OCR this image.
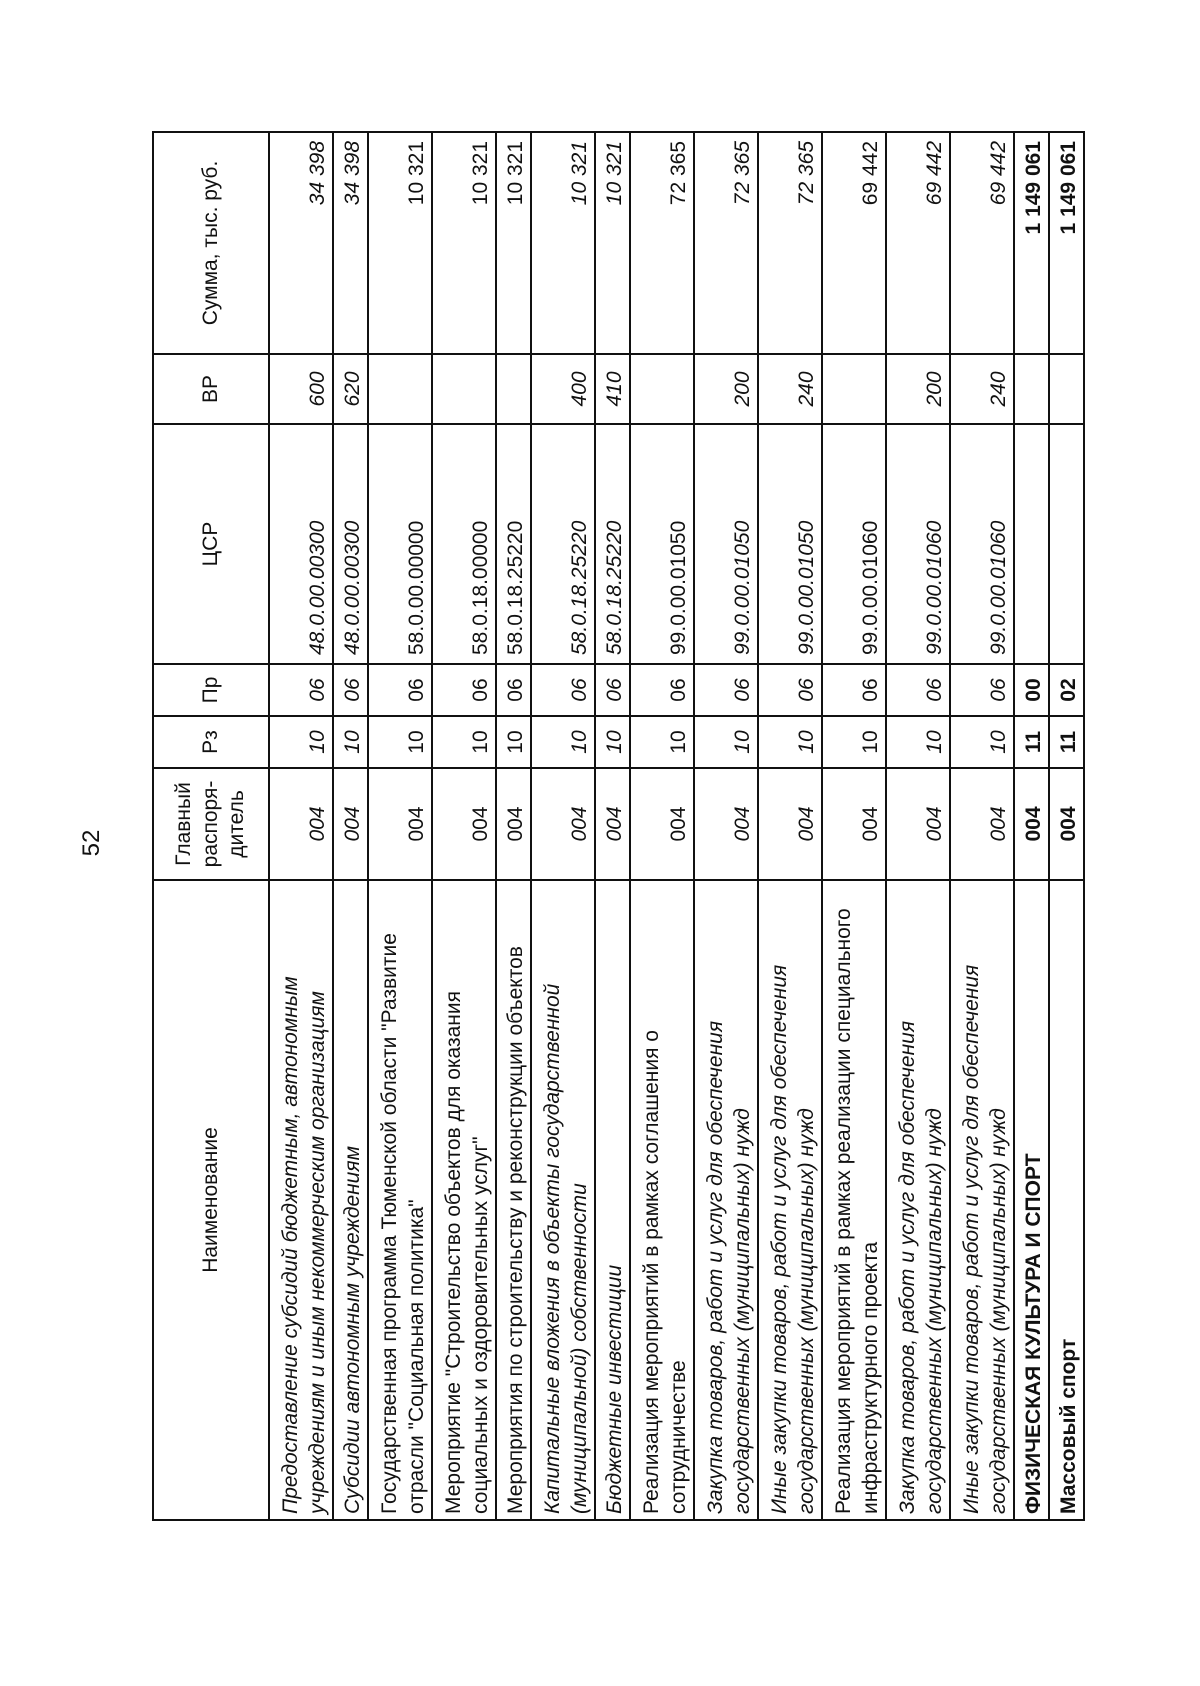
52
Наименование	Главный распоря-дитель	Рз	Пр	ЦСР	ВР	Сумма, тыс. руб.
Предоставление субсидий бюджетным, автономным учреждениям и иным некоммерческим организациям	004	10	06	48.0.00.00300	600	34 398
Субсидии автономным учреждениям	004	10	06	48.0.00.00300	620	34 398
Государственная программа Тюменской области "Развитие отрасли "Социальная политика"	004	10	06	58.0.00.00000		10 321
Мероприятие "Строительство объектов для оказания социальных и оздоровительных услуг"	004	10	06	58.0.18.00000		10 321
Мероприятия по строительству и реконструкции объектов	004	10	06	58.0.18.25220		10 321
Капитальные вложения в объекты государственной (муниципальной) собственности	004	10	06	58.0.18.25220	400	10 321
Бюджетные инвестиции	004	10	06	58.0.18.25220	410	10 321
Реализация мероприятий в рамках соглашения о сотрудничестве	004	10	06	99.0.00.01050		72 365
Закупка товаров, работ и услуг для обеспечения государственных (муниципальных) нужд	004	10	06	99.0.00.01050	200	72 365
Иные закупки товаров, работ и услуг для обеспечения государственных (муниципальных) нужд	004	10	06	99.0.00.01050	240	72 365
Реализация мероприятий в рамках реализации специального инфраструктурного проекта	004	10	06	99.0.00.01060		69 442
Закупка товаров, работ и услуг для обеспечения государственных (муниципальных) нужд	004	10	06	99.0.00.01060	200	69 442
Иные закупки товаров, работ и услуг для обеспечения государственных (муниципальных) нужд	004	10	06	99.0.00.01060	240	69 442
ФИЗИЧЕСКАЯ КУЛЬТУРА И СПОРТ	004	11	00			1 149 061
Массовый спорт	004	11	02			1 149 061
